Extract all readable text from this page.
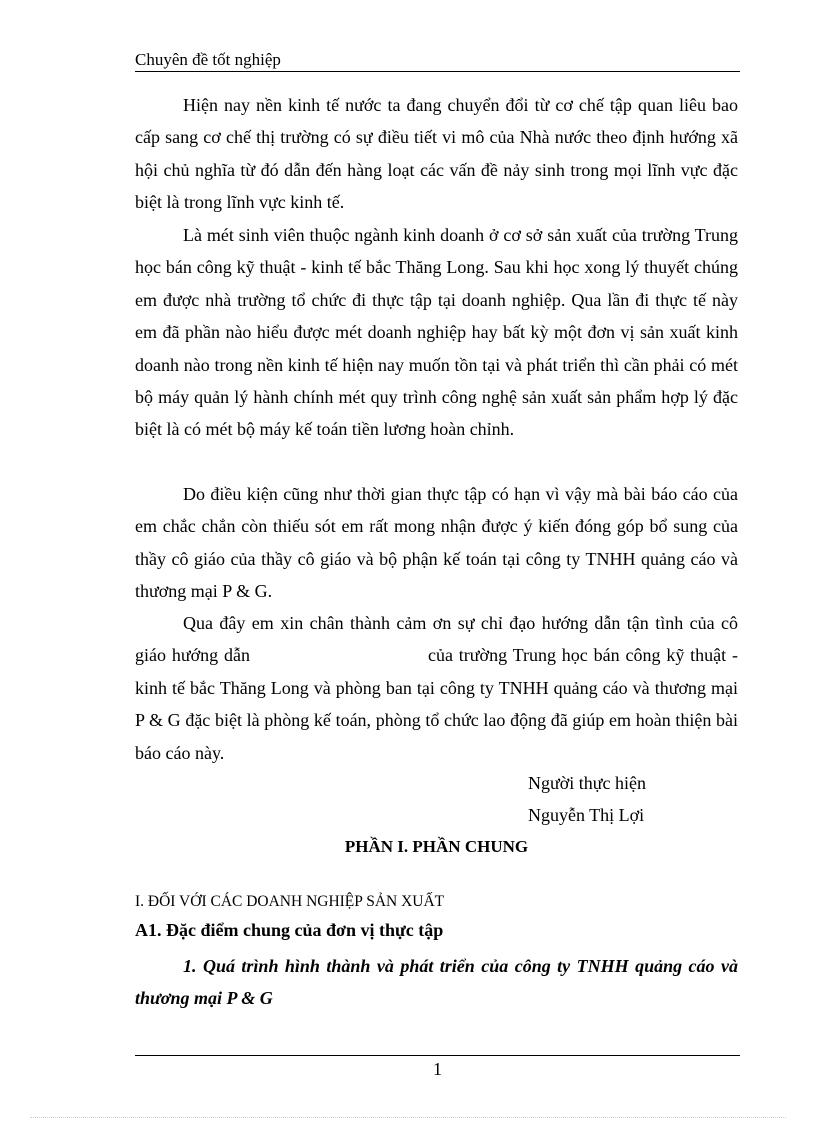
Chuyên đề tốt nghiệp

Hiện nay nền kinh tế nước ta đang chuyển đổi từ cơ chế tập quan liêu bao cấp sang cơ chế thị trường có sự điều tiết vi mô của Nhà nước theo định hướng xã hội chủ nghĩa từ đó dẫn đến hàng loạt các vấn đề nảy sinh trong mọi lĩnh vực đặc biệt là trong lĩnh vực kinh tế.

Là mét sinh viên thuộc ngành kinh doanh ở cơ sở sản xuất của trường Trung học bán công kỹ thuật - kinh tế bắc Thăng Long. Sau khi học xong lý thuyết chúng em được nhà trường tổ chức đi thực tập tại doanh nghiệp. Qua lần đi thực tế này em đã phần nào hiểu được mét doanh nghiệp hay bất kỳ một đơn vị sản xuất kinh doanh nào trong nền kinh tế hiện nay muốn tồn tại và phát triển thì cần phải có mét bộ máy quản lý hành chính mét quy trình công nghệ sản xuất sản phẩm hợp lý đặc biệt là có mét bộ máy kế toán tiền lương hoàn chỉnh.

Do điều kiện cũng như thời gian thực tập có hạn vì vậy mà bài báo cáo của em chắc chắn còn thiếu sót em rất mong nhận được ý kiến đóng góp bổ sung của thầy cô giáo của thầy cô giáo và bộ phận kế toán tại công ty TNHH quảng cáo và thương mại P & G.

Qua đây em xin chân thành cảm ơn sự chỉ đạo hướng dẫn tận tình của cô giáo hướng dẫn	của trường Trung học bán công kỹ thuật - kinh tế bắc Thăng Long và phòng ban tại công ty TNHH quảng cáo và thương mại P & G đặc biệt là phòng kế toán, phòng tổ chức lao động đã giúp em hoàn thiện bài báo cáo này.

Người thực hiện
Nguyễn Thị Lợi
PHẦN I. PHẦN CHUNG
I. ĐỐI VỚI CÁC DOANH NGHIỆP SẢN XUẤT
A1. Đặc điểm chung của đơn vị thực tập

1. Quá trình hình thành và phát triển của công ty TNHH quảng cáo và thương mại P & G

1
